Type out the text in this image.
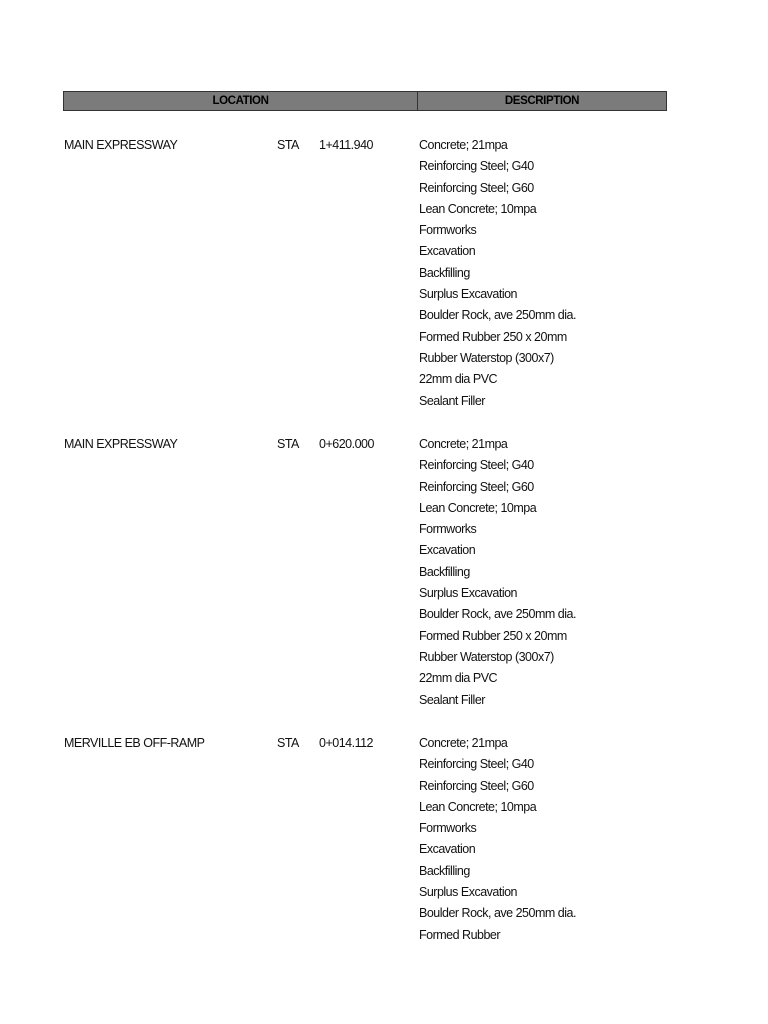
LOCATION	DESCRIPTION
MAIN EXPRESSWAY	STA 1+411.940	Concrete; 21mpa
Reinforcing Steel; G40
Reinforcing Steel; G60
Lean Concrete; 10mpa
Formworks
Excavation
Backfilling
Surplus Excavation
Boulder Rock, ave 250mm dia.
Formed Rubber 250 x 20mm
Rubber Waterstop (300x7)
22mm dia PVC
Sealant Filler
MAIN EXPRESSWAY	STA 0+620.000	Concrete; 21mpa
Reinforcing Steel; G40
Reinforcing Steel; G60
Lean Concrete; 10mpa
Formworks
Excavation
Backfilling
Surplus Excavation
Boulder Rock, ave 250mm dia.
Formed Rubber 250 x 20mm
Rubber Waterstop (300x7)
22mm dia PVC
Sealant Filler
MERVILLE EB OFF-RAMP	STA 0+014.112	Concrete; 21mpa
Reinforcing Steel; G40
Reinforcing Steel; G60
Lean Concrete; 10mpa
Formworks
Excavation
Backfilling
Surplus Excavation
Boulder Rock, ave 250mm dia.
Formed Rubber
